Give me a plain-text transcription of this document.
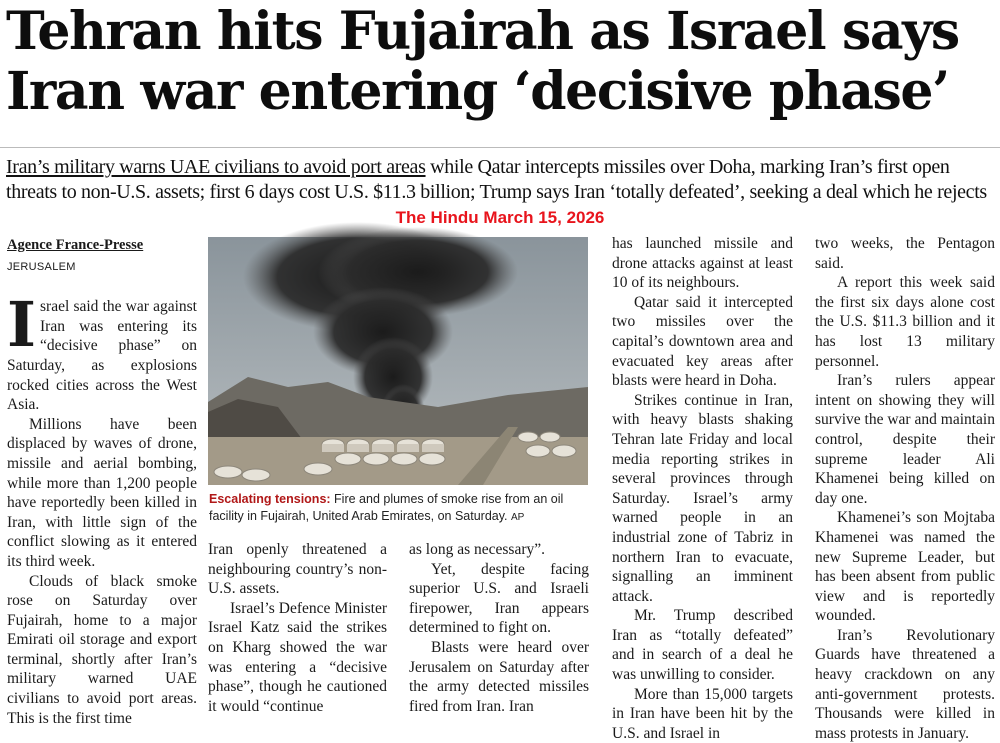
Tehran hits Fujairah as Israel says
Iran war entering ‘decisive phase’
Iran’s military warns UAE civilians to avoid port areas while Qatar intercepts missiles over Doha, marking Iran’s first open threats to non-U.S. assets; first 6 days cost U.S. $11.3 billion; Trump says Iran ‘totally defeated’, seeking a deal which he rejects
The Hindu March 15, 2026
Agence France-Presse
JERUSALEM

Israel said the war against Iran was entering its “decisive phase” on Saturday, as explosions rocked cities across the West Asia.

Millions have been displaced by waves of drone, missile and aerial bombing, while more than 1,200 people have reportedly been killed in Iran, with little sign of the conflict slowing as it entered its third week.

Clouds of black smoke rose on Saturday over Fujairah, home to a major Emirati oil storage and export terminal, shortly after Iran’s military warned UAE civilians to avoid port areas. This is the first time

Escalating tensions: Fire and plumes of smoke rise from an oil facility in Fujairah, United Arab Emirates, on Saturday. AP

Iran openly threatened a neighbouring country’s non-U.S. assets.

Israel’s Defence Minister Israel Katz said the strikes on Kharg showed the war was entering a “decisive phase”, though he cautioned it would “continue

as long as necessary”.

Yet, despite facing superior U.S. and Israeli firepower, Iran appears determined to fight on.

Blasts were heard over Jerusalem on Saturday after the army detected missiles fired from Iran. Iran

has launched missile and drone attacks against at least 10 of its neighbours.

Qatar said it intercepted two missiles over the capital’s downtown area and evacuated key areas after blasts were heard in Doha.

Strikes continue in Iran, with heavy blasts shaking Tehran late Friday and local media reporting strikes in several provinces through Saturday. Israel’s army warned people in an industrial zone of Tabriz in northern Iran to evacuate, signalling an imminent attack.

Mr. Trump described Iran as “totally defeated” and in search of a deal he was unwilling to consider.

More than 15,000 targets in Iran have been hit by the U.S. and Israel in

two weeks, the Pentagon said.

A report this week said the first six days alone cost the U.S. $11.3 billion and it has lost 13 military personnel.

Iran’s rulers appear intent on showing they will survive the war and maintain control, despite their supreme leader Ali Khamenei being killed on day one.

Khamenei’s son Mojtaba Khamenei was named the new Supreme Leader, but has been absent from public view and is reportedly wounded.

Iran’s Revolutionary Guards have threatened a heavy crackdown on any anti-government protests. Thousands were killed in mass protests in January.
